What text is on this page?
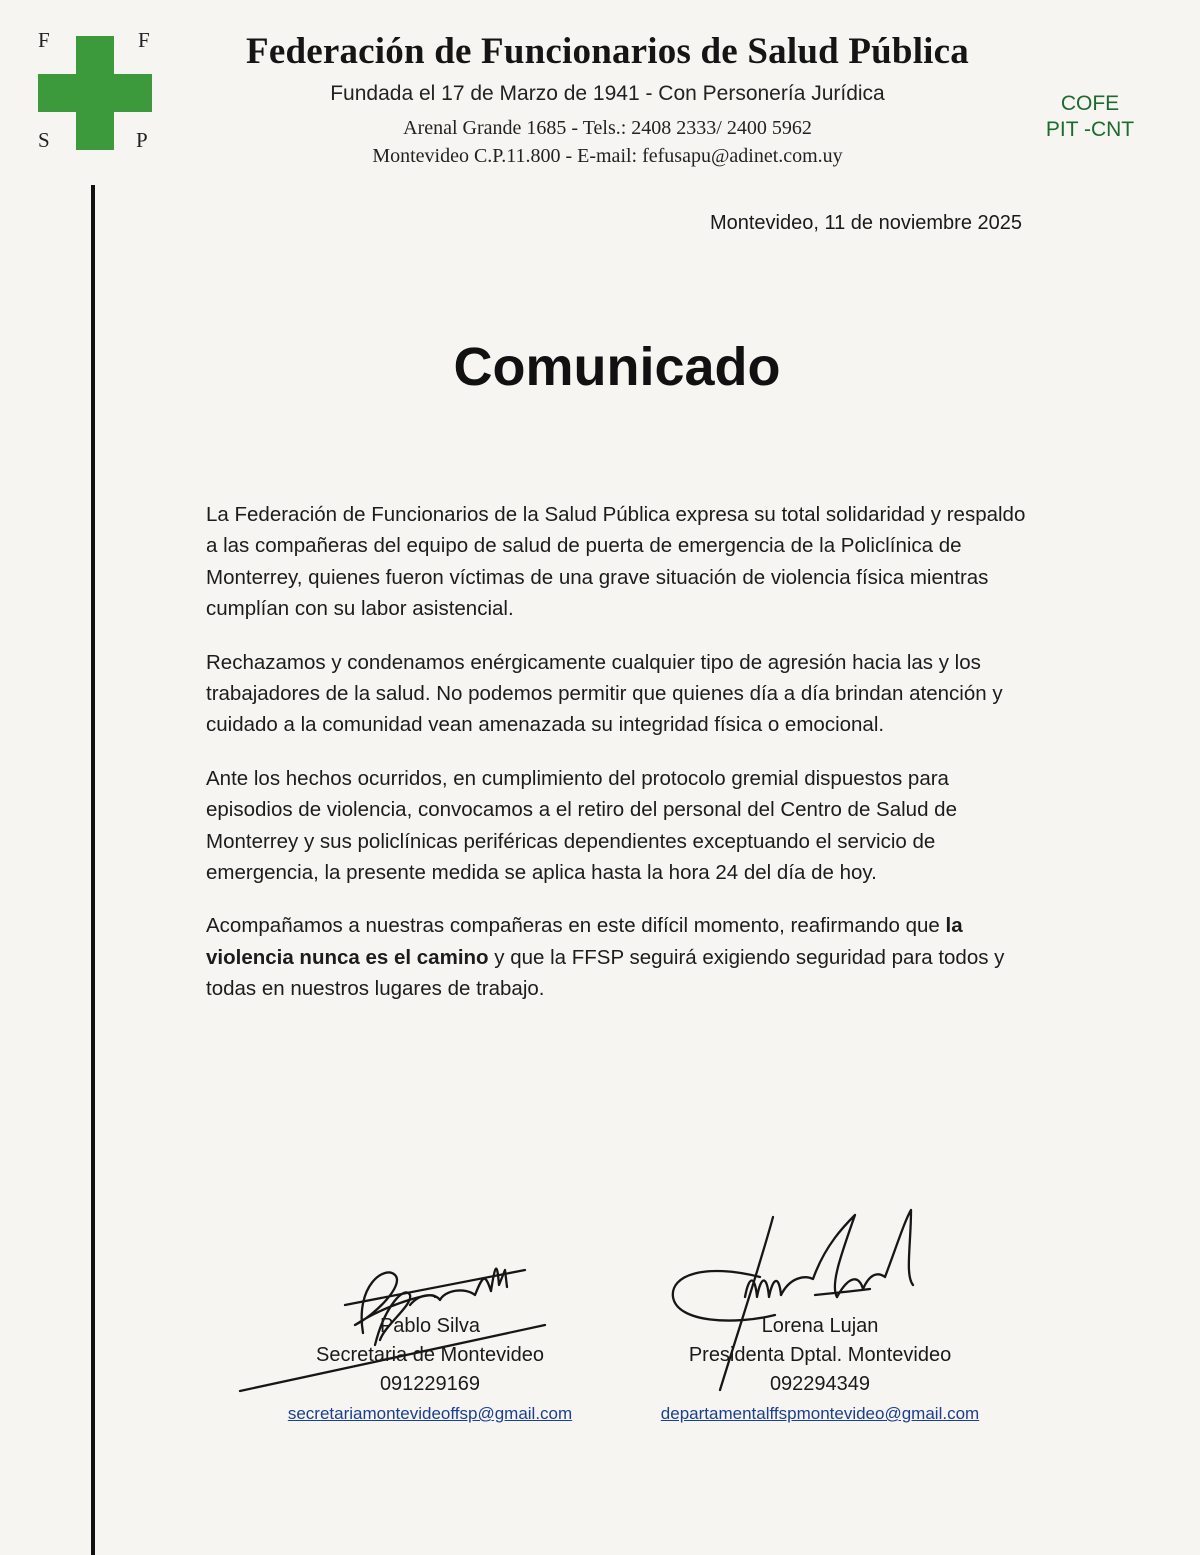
F	F
S	P
Federación de Funcionarios de Salud Pública
Fundada el 17 de Marzo de 1941 - Con Personería Jurídica
Arenal Grande 1685 - Tels.: 2408 2333/ 2400 5962
Montevideo C.P.11.800 - E-mail: fefusapu@adinet.com.uy
COFE
PIT -CNT
Montevideo, 11 de noviembre 2025
Comunicado

La Federación de Funcionarios de la Salud Pública expresa su total solidaridad y respaldo a las compañeras del equipo de salud de puerta de emergencia de la Policlínica de Monterrey, quienes fueron víctimas de una grave situación de violencia física mientras cumplían con su labor asistencial.

Rechazamos y condenamos enérgicamente cualquier tipo de agresión hacia las y los trabajadores de la salud. No podemos permitir que quienes día a día brindan atención y cuidado a la comunidad vean amenazada su integridad física o emocional.

Ante los hechos ocurridos, en cumplimiento del protocolo gremial dispuestos para episodios de violencia, convocamos a el retiro del personal del Centro de Salud de Monterrey y sus policlínicas periféricas dependientes exceptuando el servicio de emergencia, la presente medida se aplica hasta la hora 24 del día de hoy.

Acompañamos a nuestras compañeras en este difícil momento, reafirmando que la violencia nunca es el camino y que la FFSP seguirá exigiendo seguridad para todos y todas en nuestros lugares de trabajo.

Pablo Silva
Secretaria de Montevideo
091229169
secretariamontevideoffsp@gmail.com
Lorena Lujan
Presidenta Dptal. Montevideo
092294349
departamentalffspmontevideo@gmail.com
